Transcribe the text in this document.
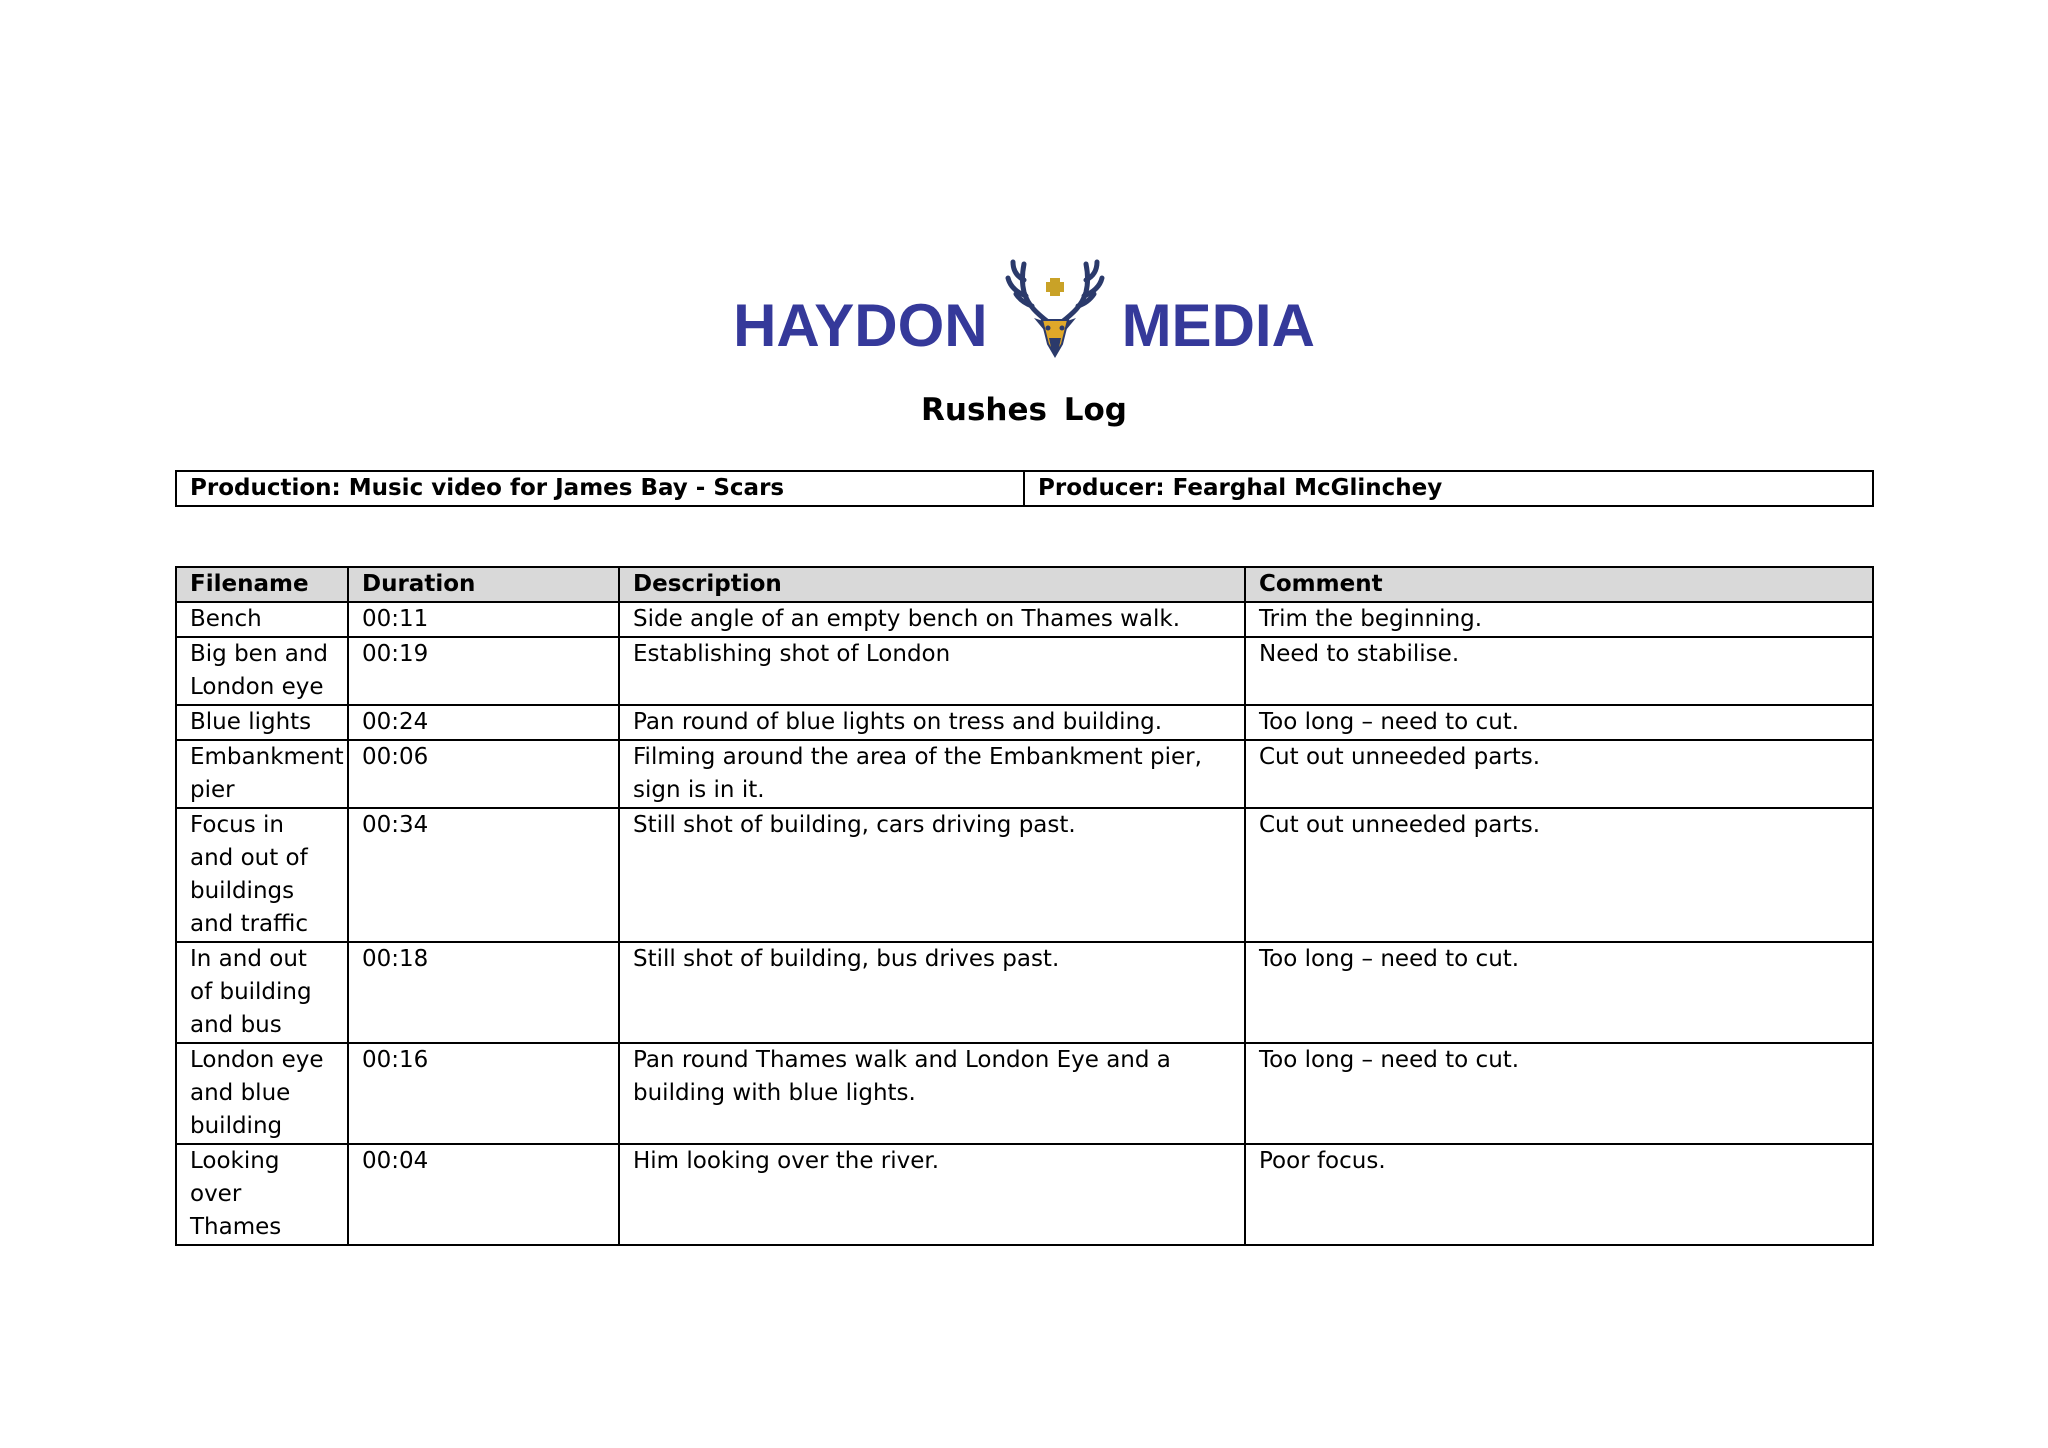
HAYDON MEDIA
Rushes Log
Production: Music video for James Bay - Scars	Producer: Fearghal McGlinchey
Filename	Duration	Description	Comment
Bench	00:11	Side angle of an empty bench on Thames walk.	Trim the beginning.
Big ben and London eye	00:19	Establishing shot of London	Need to stabilise.
Blue lights	00:24	Pan round of blue lights on tress and building.	Too long – need to cut.
Embankment pier	00:06	Filming around the area of the Embankment pier, sign is in it.	Cut out unneeded parts.
Focus in and out of buildings and traffic	00:34	Still shot of building, cars driving past.	Cut out unneeded parts.
In and out of building and bus	00:18	Still shot of building, bus drives past.	Too long – need to cut.
London eye and blue building	00:16	Pan round Thames walk and London Eye and a building with blue lights.	Too long – need to cut.
Looking over Thames	00:04	Him looking over the river.	Poor focus.
